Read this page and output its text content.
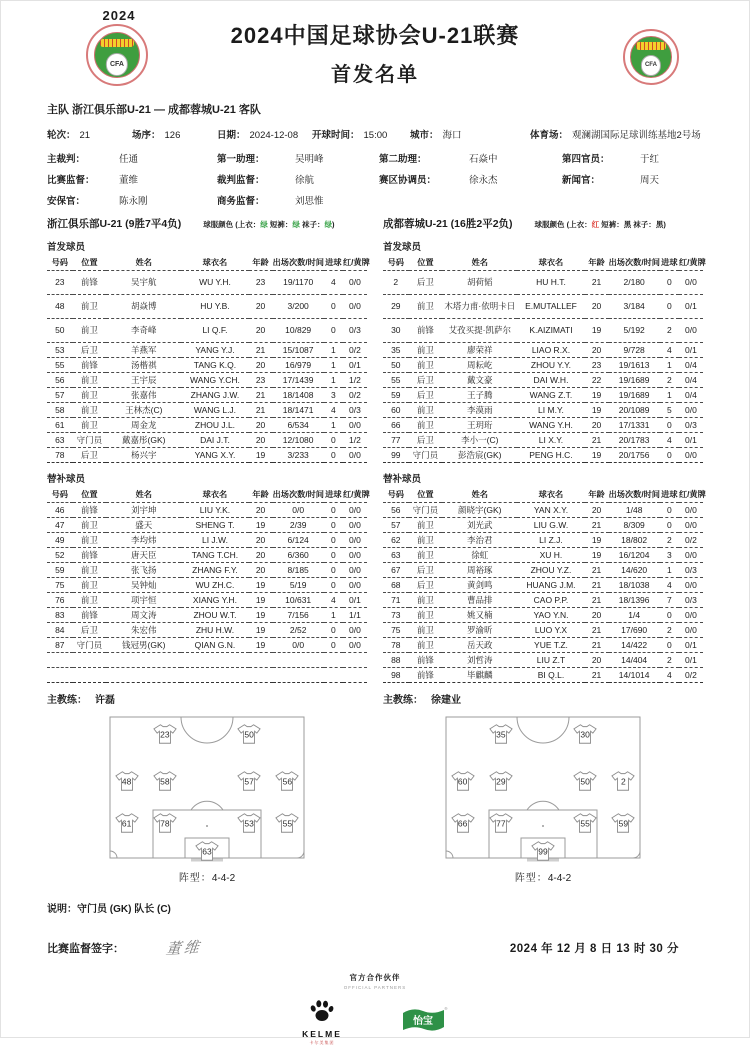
2024
CFA	CFA
2024中国足球协会U-21联赛
首发名单
主队 浙江俱乐部U-21 — 成都蓉城U-21 客队
轮次： 21	场序： 126	日期： 2024-12-08	开球时间： 15:00	城市： 海口	体育场： 观澜湖国际足球训练基地2号场
主裁判：	任通	第一助理：	吴明峰	第二助理：	石焱中	第四官员：	于红
比赛监督：	董维	裁判监督：	徐航	赛区协调员：	徐永杰	新闻官：	周天
安保官：	陈永刚	商务监督：	刘思惟
浙江俱乐部U-21 (9胜7平4负)	球服颜色 (上衣：绿 短裤：绿 袜子：绿)
首发球员
号码	位置	姓名	球衣名	年龄	出场次数/时间	进球	红/黄牌
23	前锋	吴宇航	WU Y.H.	23	19/1170	4	0/0
48	前卫	胡焱博	HU Y.B.	20	3/200	0	0/0
50	前卫	李奇峰	LI Q.F.	20	10/829	0	0/3
53	后卫	羊燕军	YANG Y.J.	21	15/1087	1	0/2
55	前锋	汤楷祺	TANG K.Q.	20	16/979	1	0/1
56	前卫	王宇辰	WANG Y.CH.	23	17/1439	1	1/2
57	前卫	张嘉伟	ZHANG J.W.	21	18/1408	3	0/2
58	前卫	王林杰(C)	WANG L.J.	21	18/1471	4	0/3
61	前卫	周金龙	ZHOU J.L.	20	6/534	1	0/0
63	守门员	戴嘉彤(GK)	DAI J.T.	20	12/1080	0	1/2
78	后卫	杨兴宇	YANG X.Y.	19	3/233	0	0/0
替补球员
号码	位置	姓名	球衣名	年龄	出场次数/时间	进球	红/黄牌
46	前锋	刘宇坤	LIU Y.K.	20	0/0	0	0/0
47	前卫	盛天	SHENG T.	19	2/39	0	0/0
49	前卫	李均炜	LI J.W.	20	6/124	0	0/0
52	前锋	唐天臣	TANG T.CH.	20	6/360	0	0/0
59	前卫	张飞扬	ZHANG F.Y.	20	8/185	0	0/0
75	前卫	吴钟灿	WU ZH.C.	19	5/19	0	0/0
76	前卫	项宇恒	XIANG Y.H.	19	10/631	4	0/1
83	前锋	周文涛	ZHOU W.T.	19	7/156	1	1/1
84	后卫	朱宏伟	ZHU H.W.	19	2/52	0	0/0
87	守门员	钱冠男(GK)	QIAN G.N.	19	0/0	0	0/0

主教练： 许磊
23	50
48	58	57	56
61	78	53	55
63
阵型：4-4-2
成都蓉城U-21 (16胜2平2负)	球服颜色 (上衣：红 短裤：黑 袜子：黑)
首发球员
号码	位置	姓名	球衣名	年龄	出场次数/时间	进球	红/黄牌
2	后卫	胡荷韬	HU H.T.	21	2/180	0	0/0
29	前卫	木塔力甫·依明卡日	E.MUTALLEF	20	3/184	0	0/1
30	前锋	艾孜买提·凯萨尔	K.AIZIMATI	19	5/192	2	0/0
35	前卫	廖荣祥	LIAO R.X.	20	9/728	4	0/1
50	前卫	周耘屹	ZHOU Y.Y.	23	19/1613	1	0/4
55	后卫	戴文豪	DAI W.H.	22	19/1689	2	0/4
59	后卫	王子腾	WANG Z.T.	19	19/1689	1	0/4
60	前卫	李漠雨	LI M.Y.	19	20/1089	5	0/0
66	前卫	王玥珩	WANG Y.H.	20	17/1331	0	0/3
77	后卫	李小一(C)	LI X.Y.	21	20/1783	4	0/1
99	守门员	彭浩宸(GK)	PENG H.C.	19	20/1756	0	0/0
替补球员
号码	位置	姓名	球衣名	年龄	出场次数/时间	进球	红/黄牌
56	守门员	颜晓宇(GK)	YAN X.Y.	20	1/48	0	0/0
57	前卫	刘光武	LIU G.W.	21	8/309	0	0/0
62	前卫	李治君	LI Z.J.	19	18/802	2	0/2
63	前卫	徐虹	XU H.	19	16/1204	3	0/0
67	后卫	周裕琢	ZHOU Y.Z.	21	14/620	1	0/3
68	后卫	黄剑鸣	HUANG J.M.	21	18/1038	4	0/0
71	前卫	曹品排	CAO P.P.	21	18/1396	7	0/3
73	前卫	姚又楠	YAO Y.N.	20	1/4	0	0/0
75	前卫	罗渝昕	LUO Y.X	21	17/690	2	0/0
78	前卫	岳天政	YUE T.Z.	21	14/422	0	0/1
88	前锋	刘哲涛	LIU Z.T	20	14/404	2	0/1
98	前锋	毕麒麟	BI Q.L.	21	14/1014	4	0/2
主教练： 徐建业
35	30
60	29	50	2
66	77	55	59
99
阵型：4-4-2
说明：守门员 (GK) 队长 (C)
比赛监督签字：	董维	2024 年 12 月 8 日 13 时 30 分
官方合作伙伴
OFFICIAL PARTNERS
KELME
卡尔美集团
怡宝
®
